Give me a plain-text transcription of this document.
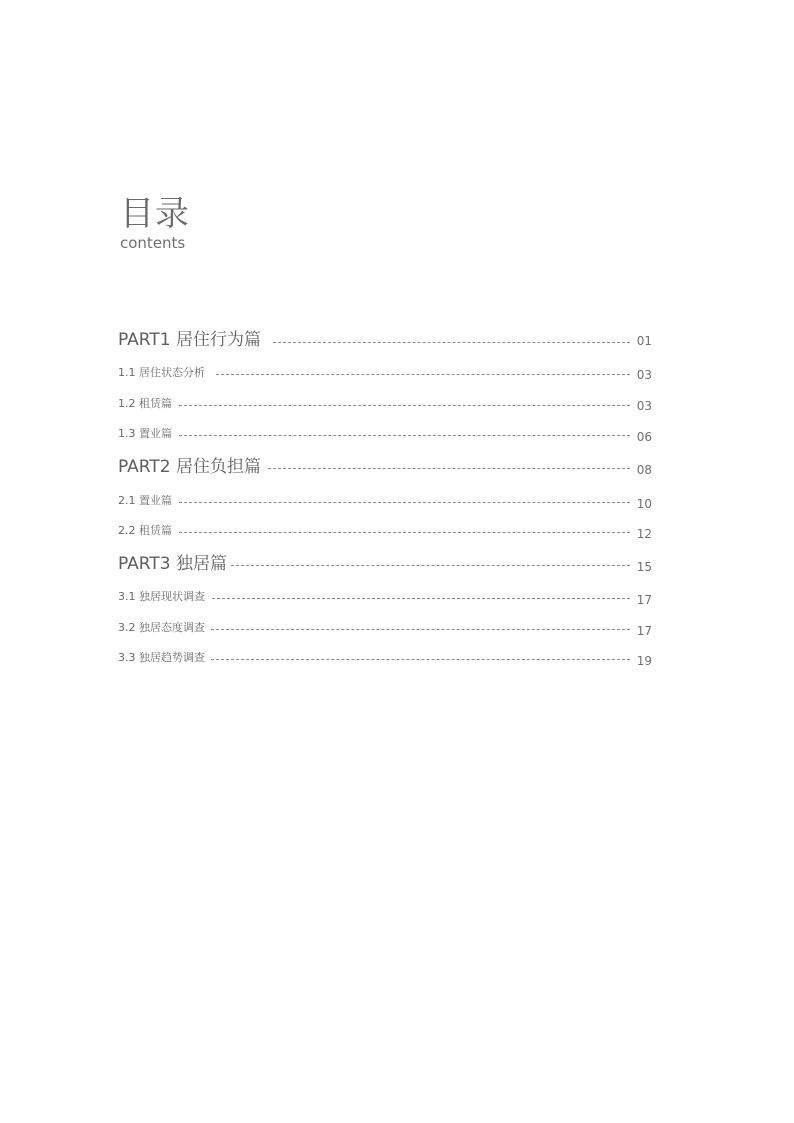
目录
contents
PART1 居住行为篇	01
1.1 居住状态分析	03
1.2 租赁篇	03
1.3 置业篇	06
PART2 居住负担篇	08
2.1 置业篇	10
2.2 租赁篇	12
PART3 独居篇	15
3.1 独居现状调查	17
3.2 独居态度调查	17
3.3 独居趋势调查	19
